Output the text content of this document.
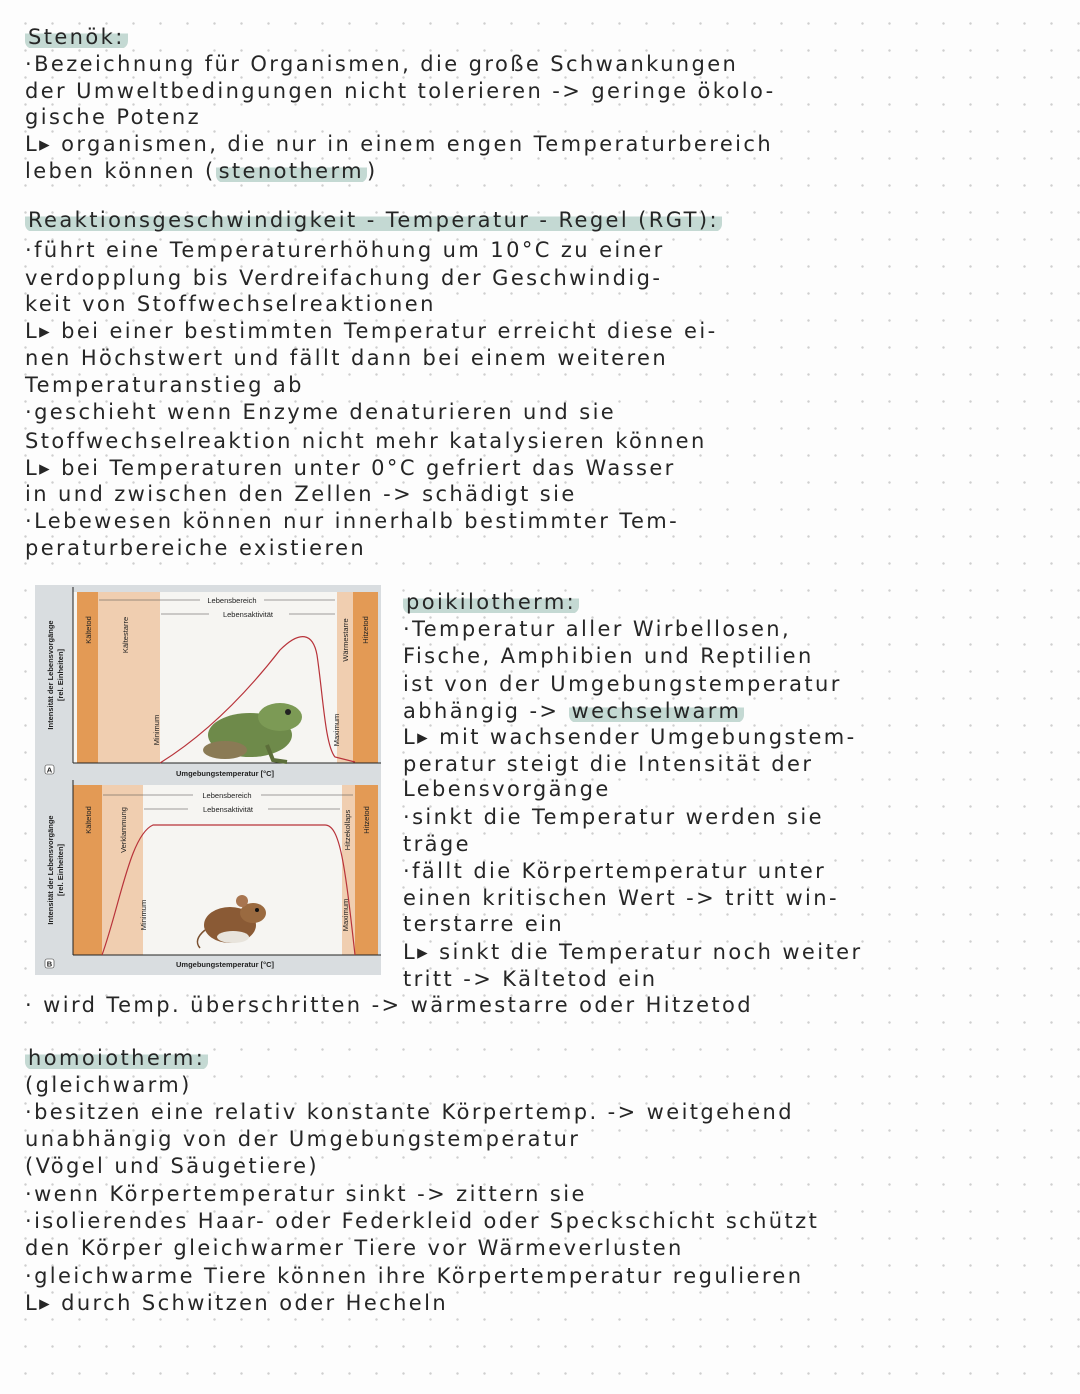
Stenök:
·Bezeichnung für Organismen, die große Schwankungen
der Umweltbedingungen nicht tolerieren -> geringe ökolo-
gische Potenz
L▸ organismen, die nur in einem engen Temperaturbereich
leben können ( stenotherm )
Reaktionsgeschwindigkeit - Temperatur - Regel (RGT):
·führt eine Temperaturerhöhung um 10°C zu einer
verdopplung bis Verdreifachung der Geschwindig-
keit von Stoffwechselreaktionen
L▸ bei einer bestimmten Temperatur erreicht diese ei-
nen Höchstwert und fällt dann bei einem weiteren
Temperaturanstieg ab
·geschieht wenn Enzyme denaturieren und sie
Stoffwechselreaktion nicht mehr katalysieren können
L▸ bei Temperaturen unter 0°C gefriert das Wasser
in und zwischen den Zellen -> schädigt sie
·Lebewesen können nur innerhalb bestimmter Tem-
peraturbereiche existieren
poikilotherm:
·Temperatur aller Wirbellosen,
Fische, Amphibien und Reptilien
ist von der Umgebungstemperatur
abhängig -> wechselwarm
L▸ mit wachsender Umgebungstem-
peratur steigt die Intensität der
Lebensvorgänge
·sinkt die Temperatur werden sie
träge
·fällt die Körpertemperatur unter
einen kritischen Wert -> tritt win-
terstarre ein
L▸ sinkt die Temperatur noch weiter
tritt -> Kältetod ein
· wird Temp. überschritten -> wärmestarre oder Hitzetod
homoiotherm:
(gleichwarm)
·besitzen eine relativ konstante Körpertemp. -> weitgehend
unabhängig von der Umgebungstemperatur
(Vögel und Säugetiere)
·wenn Körpertemperatur sinkt -> zittern sie
·isolierendes Haar- oder Federkleid oder Speckschicht schützt
den Körper gleichwarmer Tiere vor Wärmeverlusten
·gleichwarme Tiere können ihre Körpertemperatur regulieren
L▸ durch Schwitzen oder Hecheln
Lebensbereich
Lebensaktivität
Kältetod	Kältestarre	Wärmestarre Hitzetod
Minimum	Maximum
Intensität der Lebensvorgänge [rel. Einheiten]
Umgebungstemperatur [°C]
A
Lebensbereich
Lebensaktivität
Kältetod	Verklammung	Hitzekollaps Hitzetod
Minimum	Maximum
Intensität der Lebensvorgänge [rel. Einheiten]
Umgebungstemperatur [°C]
B
